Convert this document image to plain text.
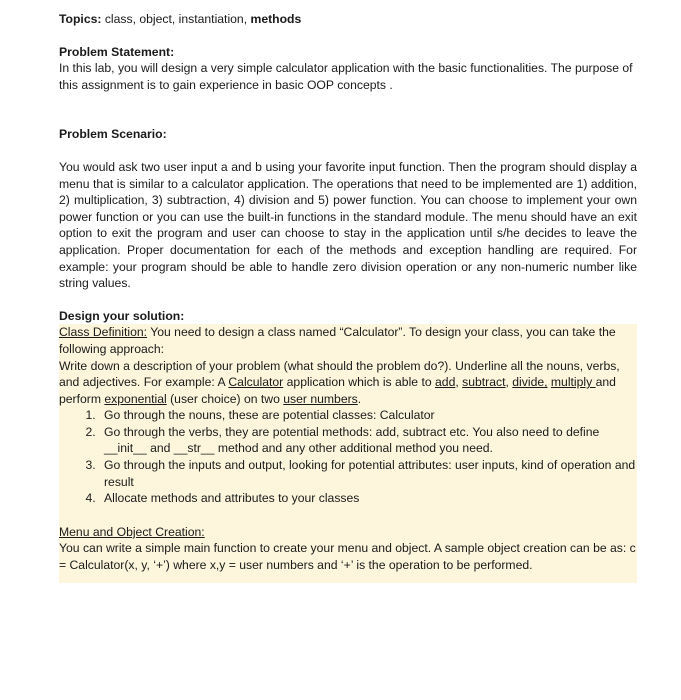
Topics: class, object, instantiation, methods

Problem Statement:

In this lab, you will design a very simple calculator application with the basic functionalities. The purpose of this assignment is to gain experience in basic OOP concepts .

Problem Scenario:

You would ask two user input a and b using your favorite input function. Then the program should display a menu that is similar to a calculator application. The operations that need to be implemented are 1) addition, 2) multiplication, 3) subtraction, 4) division and 5) power function. You can choose to implement your own power function or you can use the built-in functions in the standard module. The menu should have an exit option to exit the program and user can choose to stay in the application until s/he decides to leave the application. Proper documentation for each of the methods and exception handling are required. For example: your program should be able to handle zero division operation or any non-numeric number like string values.

Design your solution:

Class Definition: You need to design a class named “Calculator”. To design your class, you can take the following approach:

Write down a description of your problem (what should the problem do?). Underline all the nouns, verbs, and adjectives. For example: A Calculator application which is able to add, subtract, divide, multiply and perform exponential (user choice) on two user numbers.

1. Go through the nouns, these are potential classes: Calculator
2. Go through the verbs, they are potential methods: add, subtract etc. You also need to define __init__ and __str__ method and any other additional method you need.
3. Go through the inputs and output, looking for potential attributes: user inputs, kind of operation and result
4. Allocate methods and attributes to your classes

Menu and Object Creation:

You can write a simple main function to create your menu and object. A sample object creation can be as: c = Calculator(x, y, ‘+’) where x,y = user numbers and ‘+’ is the operation to be performed.
